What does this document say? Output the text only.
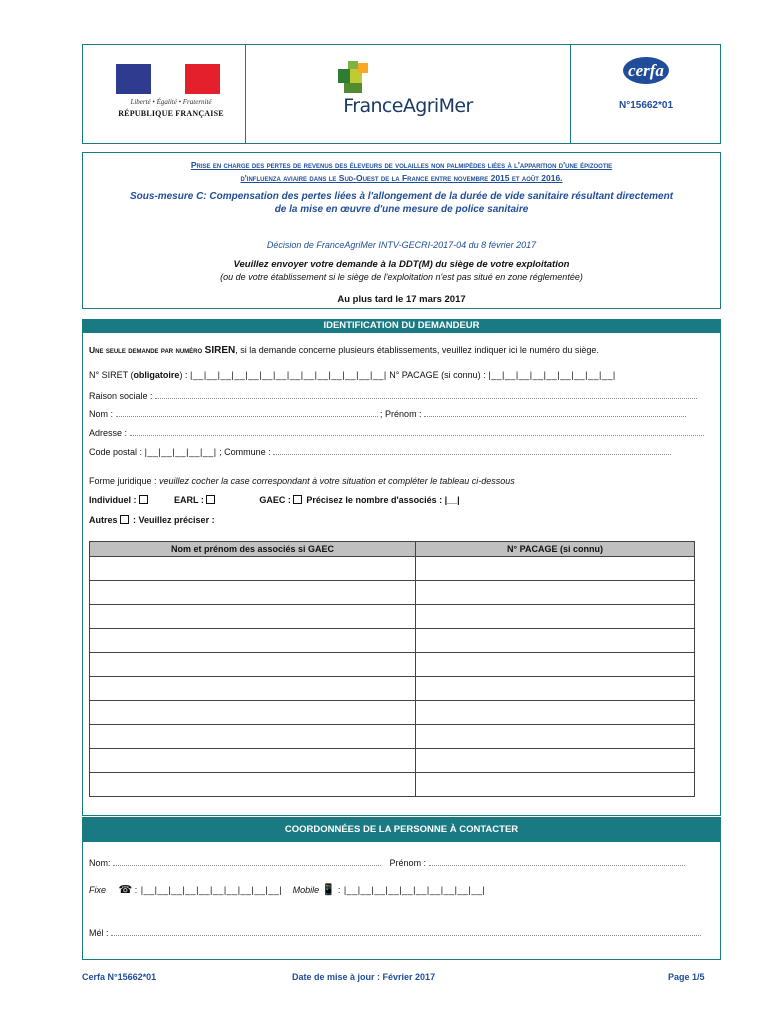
Liberté • Égalité • Fraternité
RÉPUBLIQUE FRANÇAISE	FranceAgriMer
cerfa
N°15662*01
Prise en charge des pertes de revenus des éleveurs de volailles non palmipèdes liées à l'apparition d'une épizootie
d'influenza aviaire dans le Sud-Ouest de la France entre novembre 2015 et août 2016.
Sous-mesure C: Compensation des pertes liées à l'allongement de la durée de vide sanitaire résultant directement
de la mise en œuvre d'une mesure de police sanitaire
Décision de FranceAgriMer INTV-GECRI-2017-04 du 8 février 2017
Veuillez envoyer votre demande à la DDT(M) du siège de votre exploitation
(ou de votre établissement si le siège de l'exploitation n'est pas situé en zone réglementée)
Au plus tard le 17 mars 2017
IDENTIFICATION DU DEMANDEUR
Une seule demande par numéro SIREN, si la demande concerne plusieurs établissements, veuillez indiquer ici le numéro du siège.
N° SIRET (obligatoire) : |__|__|__|__|__|__|__|__|__|__|__|__|__|__| N° PACAGE (si connu) : |__|__|__|__|__|__|__|__|__|
Raison sociale :
Nom :	; Prénom :
Adresse :
Code postal : |__|__|__|__|__| ; Commune :
Forme juridique : veuillez cocher la case correspondant à votre situation et compléter le tableau ci-dessous
Individuel :	EARL :	GAEC : Précisez le nombre d'associés : |__|
Autres : Veuillez préciser :
Nom et prénom des associés si GAEC	N° PACAGE (si connu)

COORDONNÉES DE LA PERSONNE À CONTACTER
Nom:	Prénom :
Fixe ☎ : |__|__|__|__|__|__|__|__|__|__| Mobile 📱 : |__|__|__|__|__|__|__|__|__|__|
Mél :
Cerfa N°15662*01	Date de mise à jour : Février 2017	Page 1/5
